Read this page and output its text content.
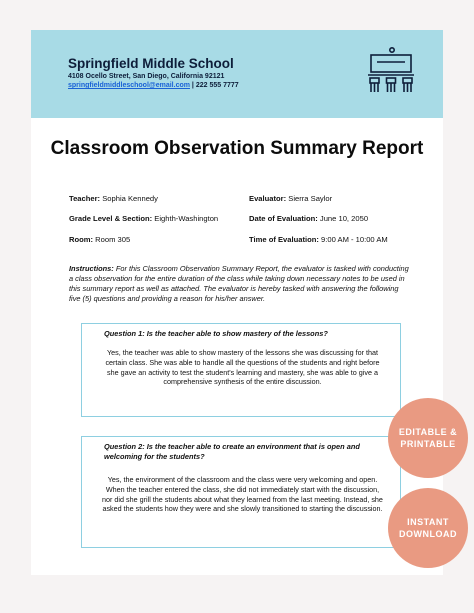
Springfield Middle School
4108 Ocello Street, San Diego, California 92121
springfieldmiddleschool@email.com | 222 555 7777
Classroom Observation Summary Report
Teacher: Sophia Kennedy	Evaluator: Sierra Saylor
Grade Level & Section: Eighth-Washington	Date of Evaluation: June 10, 2050
Room: Room 305	Time of Evaluation: 9:00 AM - 10:00 AM
Instructions: For this Classroom Observation Summary Report, the evaluator is tasked with conducting a class observation for the entire duration of the class while taking down necessary notes to be used in this summary report as well as attached. The evaluator is hereby tasked with answering the following five (5) questions and providing a reason for his/her answer.
Question 1: Is the teacher able to show mastery of the lessons?
Yes, the teacher was able to show mastery of the lessons she was discussing for that certain class. She was able to handle all the questions of the students and right before she gave an activity to test the student's learning and mastery, she was able to give a comprehensive synthesis of the entire discussion.
Question 2: Is the teacher able to create an environment that is open and welcoming for the students?
Yes, the environment of the classroom and the class were very welcoming and open. When the teacher entered the class, she did not immediately start with the discussion, nor did she grill the students about what they learned from the last meeting. Instead, she asked the students how they were and she slowly transitioned to starting the discussion.
EDITABLE &
PRINTABLE
INSTANT
DOWNLOAD
